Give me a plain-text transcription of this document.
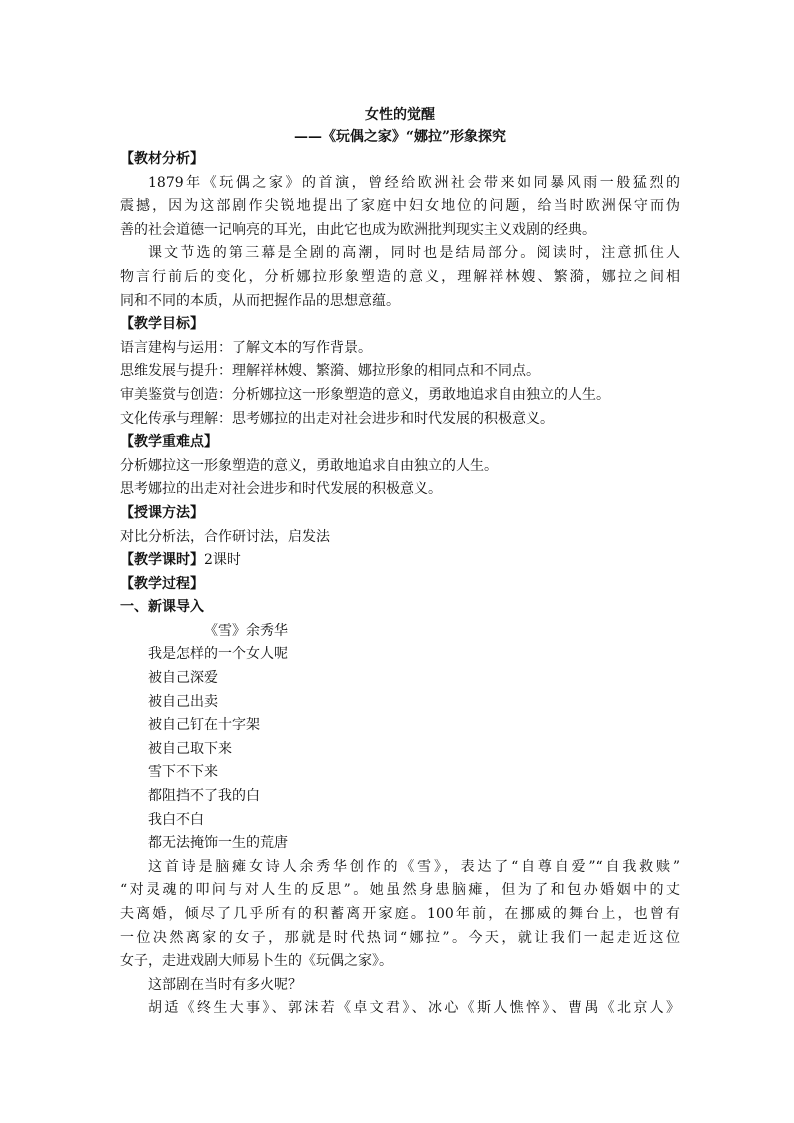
女性的觉醒
——《玩偶之家》“娜拉”形象探究
【教材分析】
1879年《玩偶之家》的首演，曾经给欧洲社会带来如同暴风雨一般猛烈的
震撼，因为这部剧作尖锐地提出了家庭中妇女地位的问题，给当时欧洲保守而伪
善的社会道德一记响亮的耳光，由此它也成为欧洲批判现实主义戏剧的经典。
课文节选的第三幕是全剧的高潮，同时也是结局部分。阅读时，注意抓住人
物言行前后的变化，分析娜拉形象塑造的意义，理解祥林嫂、繁漪，娜拉之间相
同和不同的本质，从而把握作品的思想意蕴。
【教学目标】
语言建构与运用：了解文本的写作背景。
思维发展与提升：理解祥林嫂、繁漪、娜拉形象的相同点和不同点。
审美鉴赏与创造：分析娜拉这一形象塑造的意义，勇敢地追求自由独立的人生。
文化传承与理解：思考娜拉的出走对社会进步和时代发展的积极意义。
【教学重难点】
分析娜拉这一形象塑造的意义，勇敢地追求自由独立的人生。
思考娜拉的出走对社会进步和时代发展的积极意义。
【授课方法】
对比分析法，合作研讨法，启发法
【教学课时】2课时
【教学过程】
一、新课导入
《雪》余秀华
我是怎样的一个女人呢
被自己深爱
被自己出卖
被自己钉在十字架
被自己取下来
雪下不下来
都阻挡不了我的白
我白不白
都无法掩饰一生的荒唐
这首诗是脑瘫女诗人余秀华创作的《雪》，表达了“自尊自爱”“自我救赎”
“对灵魂的叩问与对人生的反思”。她虽然身患脑瘫，但为了和包办婚姻中的丈
夫离婚，倾尽了几乎所有的积蓄离开家庭。100年前，在挪威的舞台上，也曾有
一位决然离家的女子，那就是时代热词“娜拉”。今天，就让我们一起走近这位
女子，走进戏剧大师易卜生的《玩偶之家》。
这部剧在当时有多火呢？
胡适《终生大事》、郭沫若《卓文君》、冰心《斯人憔悴》、曹禺《北京人》
